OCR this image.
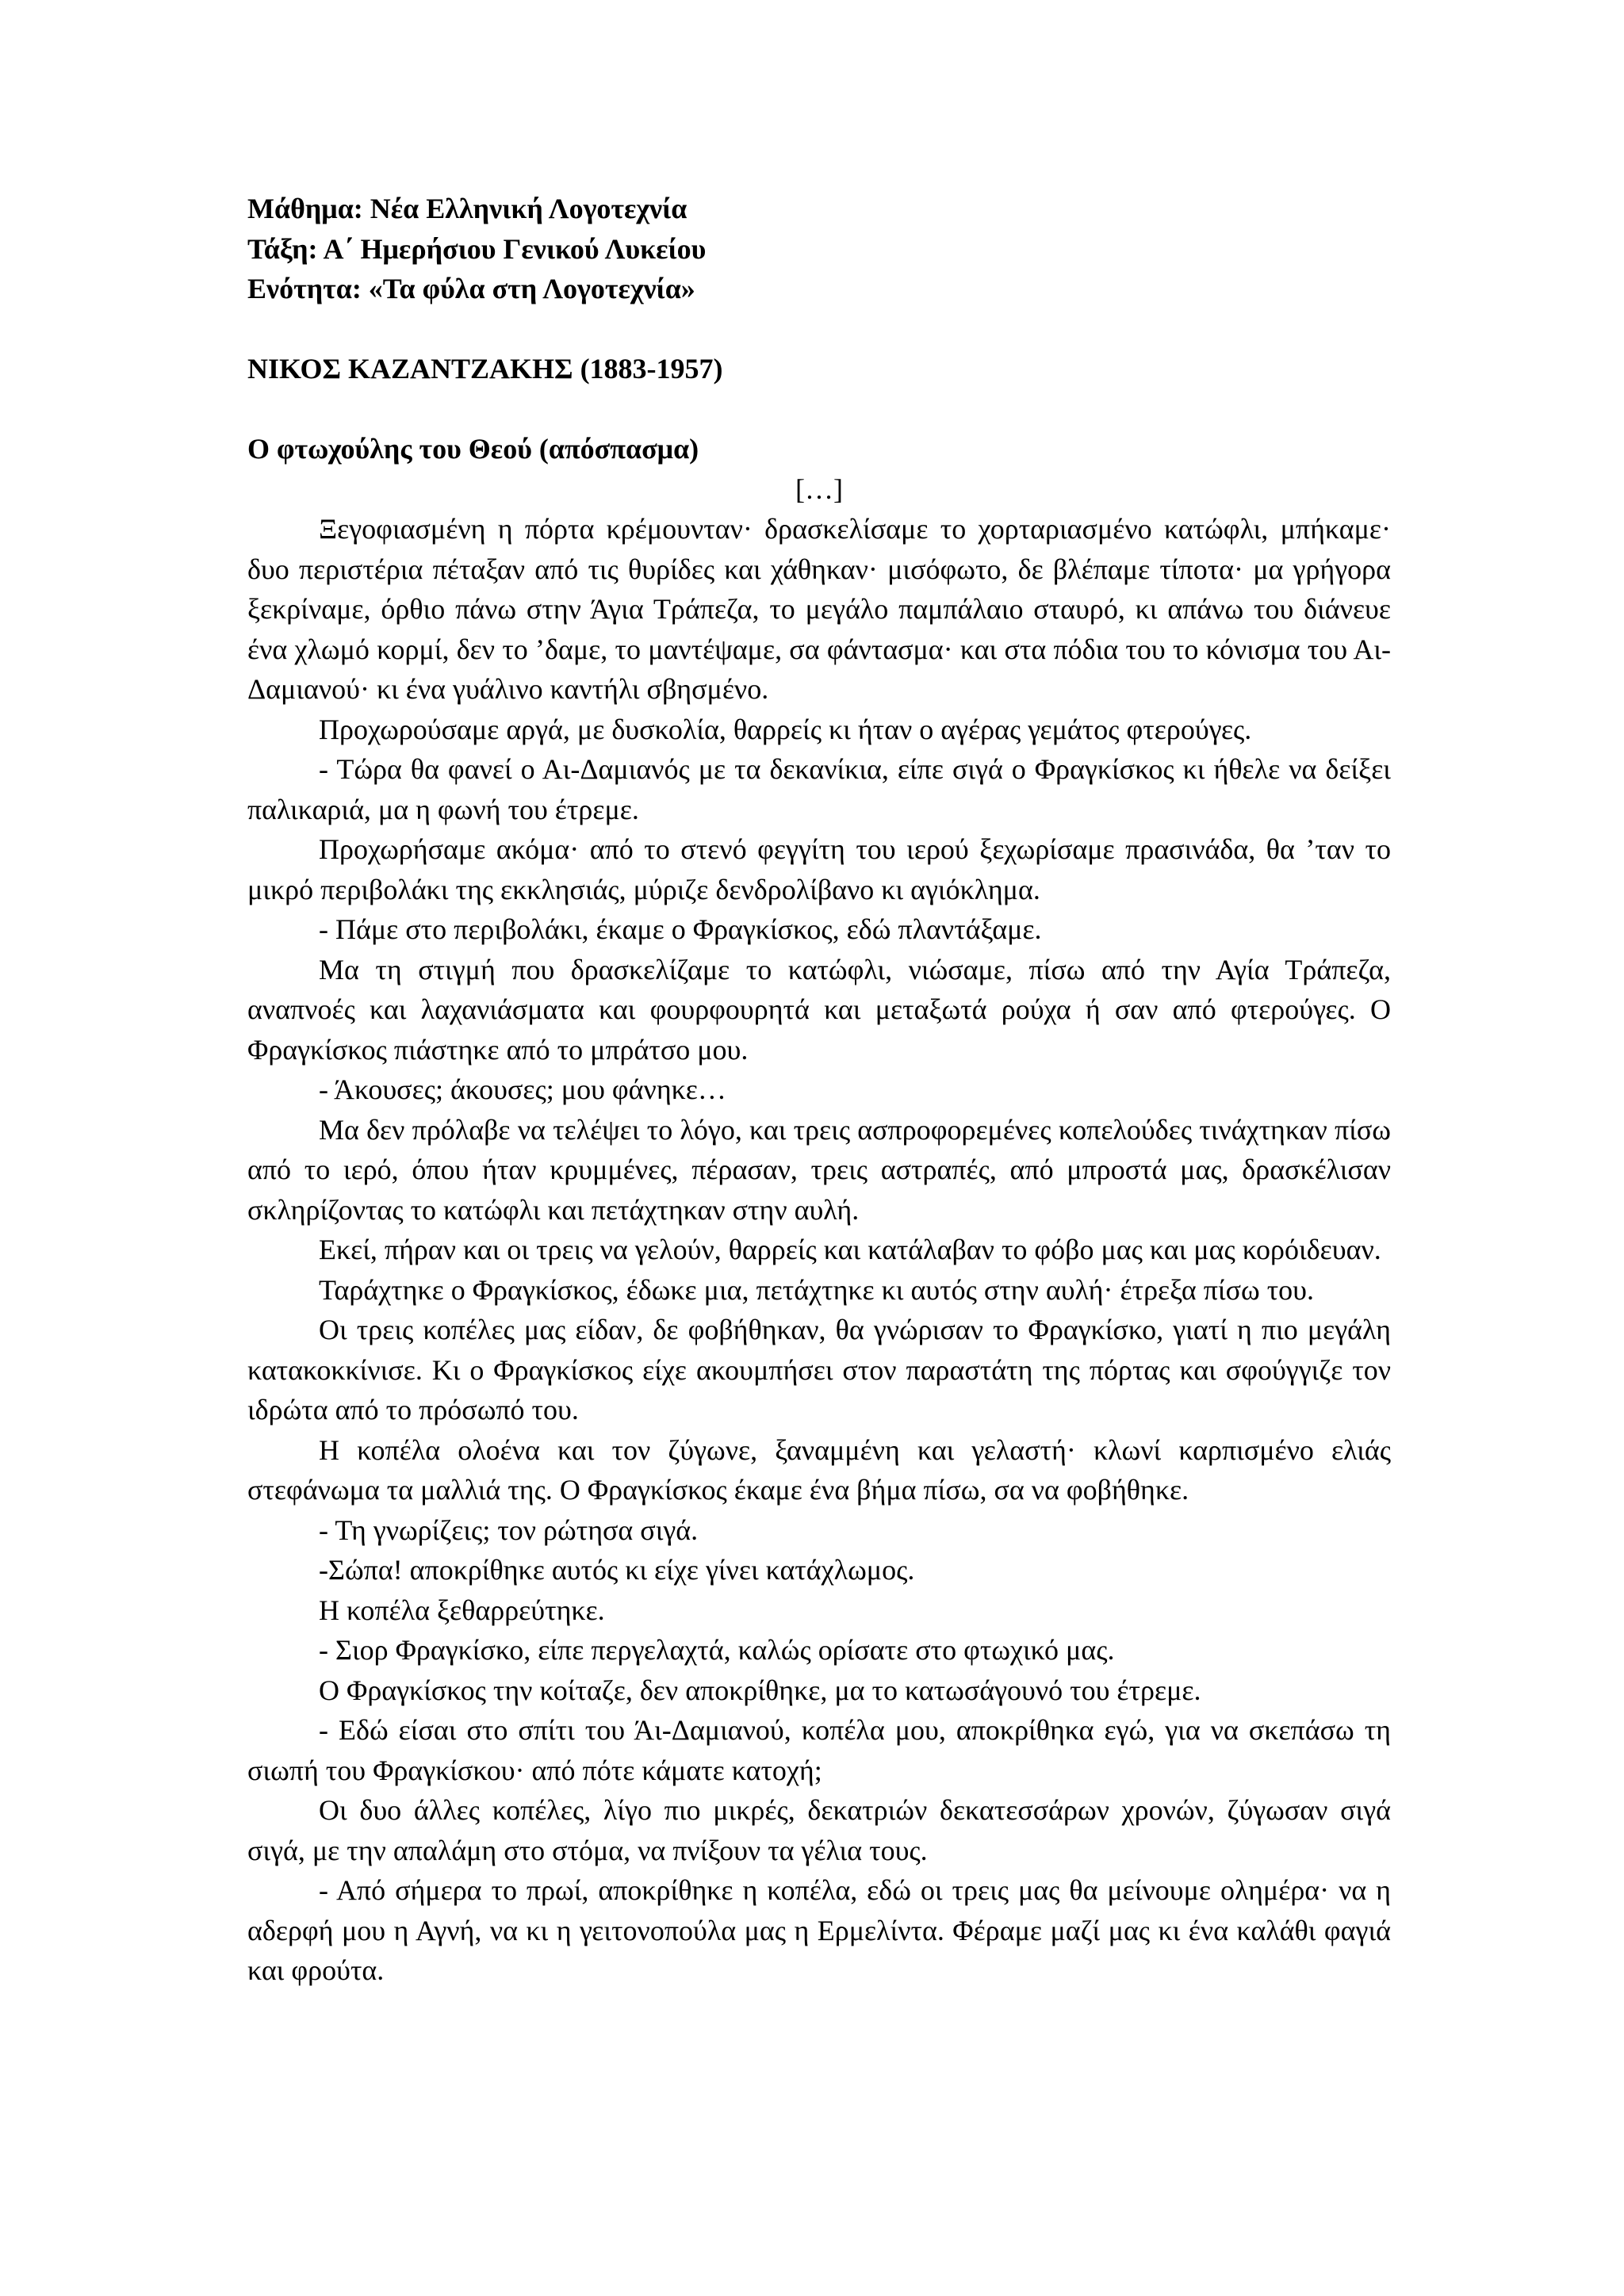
Μάθημα: Νέα Ελληνική Λογοτεχνία

Τάξη: Α΄ Ημερήσιου Γενικού Λυκείου

Ενότητα: «Τα φύλα στη Λογοτεχνία»

ΝΙΚΟΣ ΚΑΖΑΝΤΖΑΚΗΣ (1883-1957)

Ο φτωχούλης του Θεού (απόσπασμα)

[…]

Ξεγοφιασμένη η πόρτα κρέμουνταν· δρασκελίσαμε το χορταριασμένο κατώφλι, μπήκαμε· δυο περιστέρια πέταξαν από τις θυρίδες και χάθηκαν· μισόφωτο, δε βλέπαμε τίποτα· μα γρήγορα ξεκρίναμε, όρθιο πάνω στην Άγια Τράπεζα, το μεγάλο παμπάλαιο σταυρό, κι απάνω του διάνευε ένα χλωμό κορμί, δεν το ’δαμε, το μαντέψαμε, σα φάντασμα· και στα πόδια του το κόνισμα του Αι-Δαμιανού· κι ένα γυάλινο καντήλι σβησμένο.

Προχωρούσαμε αργά, με δυσκολία, θαρρείς κι ήταν ο αγέρας γεμάτος φτερούγες.

- Τώρα θα φανεί ο Αι-Δαμιανός με τα δεκανίκια, είπε σιγά ο Φραγκίσκος κι ήθελε να δείξει παλικαριά, μα η φωνή του έτρεμε.

Προχωρήσαμε ακόμα· από το στενό φεγγίτη του ιερού ξεχωρίσαμε πρασινάδα, θα ’ταν το μικρό περιβολάκι της εκκλησιάς, μύριζε δενδρολίβανο κι αγιόκλημα.

- Πάμε στο περιβολάκι, έκαμε ο Φραγκίσκος, εδώ πλαντάξαμε.

Μα τη στιγμή που δρασκελίζαμε το κατώφλι, νιώσαμε, πίσω από την Αγία Τράπεζα, αναπνοές και λαχανιάσματα και φουρφουρητά και μεταξωτά ρούχα ή σαν από φτερούγες. Ο Φραγκίσκος πιάστηκε από το μπράτσο μου.

- Άκουσες; άκουσες; μου φάνηκε…

Μα δεν πρόλαβε να τελέψει το λόγο, και τρεις ασπροφορεμένες κοπελούδες τινάχτηκαν πίσω από το ιερό, όπου ήταν κρυμμένες, πέρασαν, τρεις αστραπές, από μπροστά μας, δρασκέλισαν σκληρίζοντας το κατώφλι και πετάχτηκαν στην αυλή.

Εκεί, πήραν και οι τρεις να γελούν, θαρρείς και κατάλαβαν το φόβο μας και μας κορόιδευαν.

Ταράχτηκε ο Φραγκίσκος, έδωκε μια, πετάχτηκε κι αυτός στην αυλή· έτρεξα πίσω του.

Οι τρεις κοπέλες μας είδαν, δε φοβήθηκαν, θα γνώρισαν το Φραγκίσκο, γιατί η πιο μεγάλη κατακοκκίνισε. Κι ο Φραγκίσκος είχε ακουμπήσει στον παραστάτη της πόρτας και σφούγγιζε τον ιδρώτα από το πρόσωπό του.

Η κοπέλα ολοένα και τον ζύγωνε, ξαναμμένη και γελαστή· κλωνί καρπισμένο ελιάς στεφάνωμα τα μαλλιά της. Ο Φραγκίσκος έκαμε ένα βήμα πίσω, σα να φοβήθηκε.

- Τη γνωρίζεις; τον ρώτησα σιγά.

-Σώπα! αποκρίθηκε αυτός κι είχε γίνει κατάχλωμος.

Η κοπέλα ξεθαρρεύτηκε.

- Σιορ Φραγκίσκο, είπε περγελαχτά, καλώς ορίσατε στο φτωχικό μας.

Ο Φραγκίσκος την κοίταζε, δεν αποκρίθηκε, μα το κατωσάγουνό του έτρεμε.

- Εδώ είσαι στο σπίτι του Άι-Δαμιανού, κοπέλα μου, αποκρίθηκα εγώ, για να σκεπάσω τη σιωπή του Φραγκίσκου· από πότε κάματε κατοχή;

Οι δυο άλλες κοπέλες, λίγο πιο μικρές, δεκατριών δεκατεσσάρων χρονών, ζύγωσαν σιγά σιγά, με την απαλάμη στο στόμα, να πνίξουν τα γέλια τους.

- Από σήμερα το πρωί, αποκρίθηκε η κοπέλα, εδώ οι τρεις μας θα μείνουμε ολημέρα· να η αδερφή μου η Αγνή, να κι η γειτονοπούλα μας η Ερμελίντα. Φέραμε μαζί μας κι ένα καλάθι φαγιά και φρούτα.
